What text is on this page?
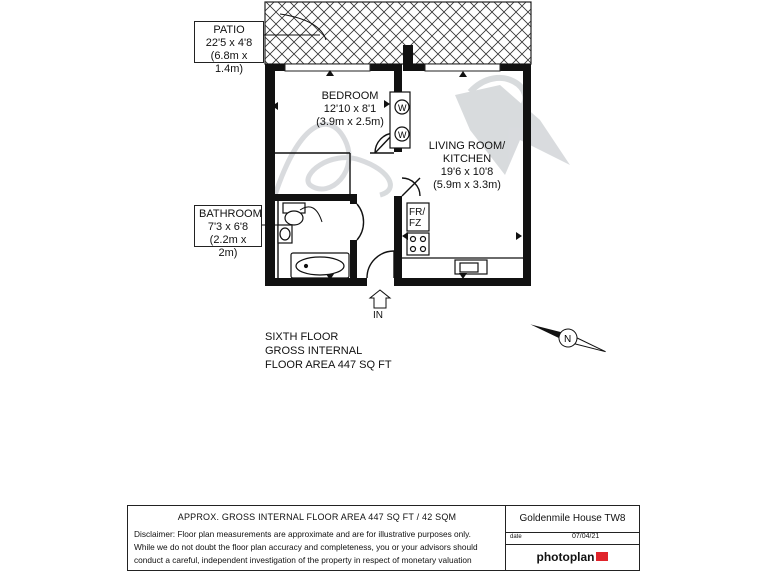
W
W
N
PATIO
22'5 x 4'8
(6.8m x 1.4m)
BEDROOM
12'10 x 8'1
(3.9m x 2.5m)
LIVING ROOM/
KITCHEN
19'6 x 10'8
(5.9m x 3.3m)
BATHROOM
7'3 x 6'8
(2.2m x 2m)
FR/
FZ
IN
SIXTH FLOOR
GROSS INTERNAL
FLOOR AREA 447 SQ FT
APPROX. GROSS INTERNAL FLOOR AREA 447 SQ FT / 42 SQM
Disclaimer: Floor plan measurements are approximate and are for illustrative purposes only.
While we do not doubt the floor plan accuracy and completeness, you or your advisors should
conduct a careful, independent investigation of the property in respect of monetary valuation
Goldenmile House TW8
date	07/04/21
photoplan
